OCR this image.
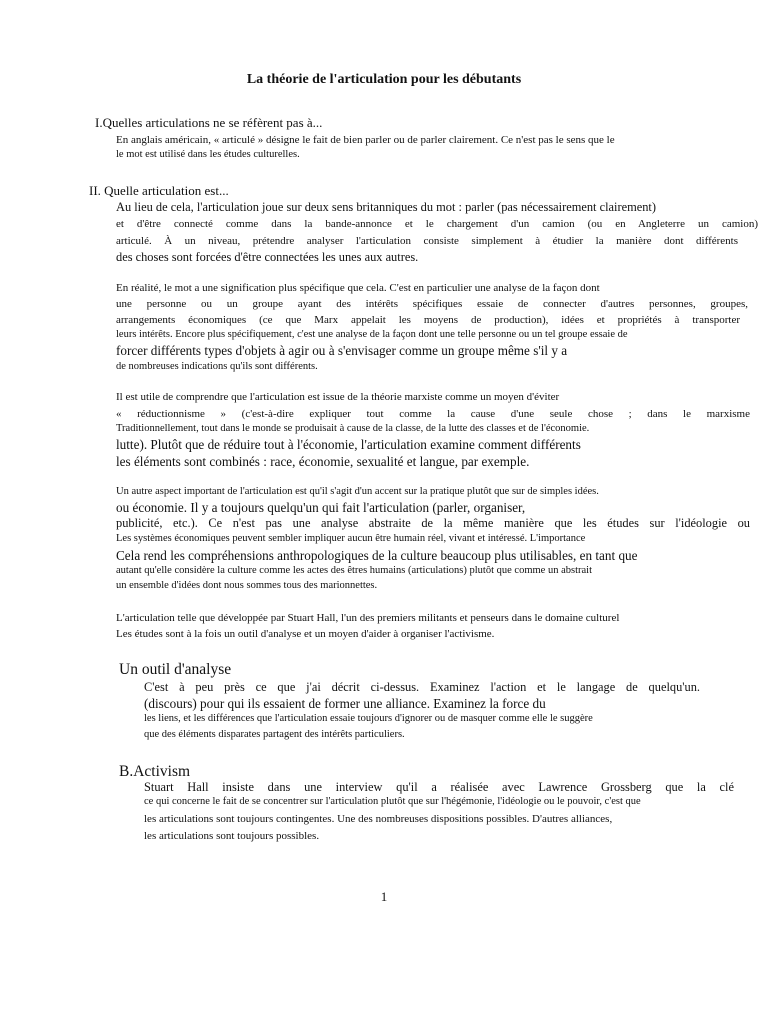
La théorie de l'articulation pour les débutants
I.Quelles articulations ne se réfèrent pas à...
En anglais américain, « articulé » désigne le fait de bien parler ou de parler clairement. Ce n'est pas le sens que le
le mot est utilisé dans les études culturelles.
II. Quelle articulation est...
Au lieu de cela, l'articulation joue sur deux sens britanniques du mot : parler (pas nécessairement clairement)
et d'être connecté comme dans la bande-annonce et le chargement d'un camion (ou en Angleterre un camion)
articulé. À un niveau, prétendre analyser l'articulation consiste simplement à étudier la manière dont différents
des choses sont forcées d'être connectées les unes aux autres.
En réalité, le mot a une signification plus spécifique que cela. C'est en particulier une analyse de la façon dont
une personne ou un groupe ayant des intérêts spécifiques essaie de connecter d'autres personnes, groupes,
arrangements économiques (ce que Marx appelait les moyens de production), idées et propriétés à transporter
leurs intérêts. Encore plus spécifiquement, c'est une analyse de la façon dont une telle personne ou un tel groupe essaie de
forcer différents types d'objets à agir ou à s'envisager comme un groupe même s'il y a
de nombreuses indications qu'ils sont différents.
Il est utile de comprendre que l'articulation est issue de la théorie marxiste comme un moyen d'éviter
« réductionnisme » (c'est-à-dire expliquer tout comme la cause d'une seule chose ; dans le marxisme
Traditionnellement, tout dans le monde se produisait à cause de la classe, de la lutte des classes et de l'économie.
lutte). Plutôt que de réduire tout à l'économie, l'articulation examine comment différents
les éléments sont combinés : race, économie, sexualité et langue, par exemple.
Un autre aspect important de l'articulation est qu'il s'agit d'un accent sur la pratique plutôt que sur de simples idées.
ou économie. Il y a toujours quelqu'un qui fait l'articulation (parler, organiser,
publicité, etc.). Ce n'est pas une analyse abstraite de la même manière que les études sur l'idéologie ou
Les systèmes économiques peuvent sembler impliquer aucun être humain réel, vivant et intéressé. L'importance
Cela rend les compréhensions anthropologiques de la culture beaucoup plus utilisables, en tant que
autant qu'elle considère la culture comme les actes des êtres humains (articulations) plutôt que comme un abstrait
un ensemble d'idées dont nous sommes tous des marionnettes.
L'articulation telle que développée par Stuart Hall, l'un des premiers militants et penseurs dans le domaine culturel
Les études sont à la fois un outil d'analyse et un moyen d'aider à organiser l'activisme.
Un outil d'analyse
C'est à peu près ce que j'ai décrit ci-dessus. Examinez l'action et le langage de quelqu'un.
(discours) pour qui ils essaient de former une alliance. Examinez la force du
les liens, et les différences que l'articulation essaie toujours d'ignorer ou de masquer comme elle le suggère
que des éléments disparates partagent des intérêts particuliers.
B.Activism
Stuart Hall insiste dans une interview qu'il a réalisée avec Lawrence Grossberg que la clé
ce qui concerne le fait de se concentrer sur l'articulation plutôt que sur l'hégémonie, l'idéologie ou le pouvoir, c'est que
les articulations sont toujours contingentes. Une des nombreuses dispositions possibles. D'autres alliances,
les articulations sont toujours possibles.
1
